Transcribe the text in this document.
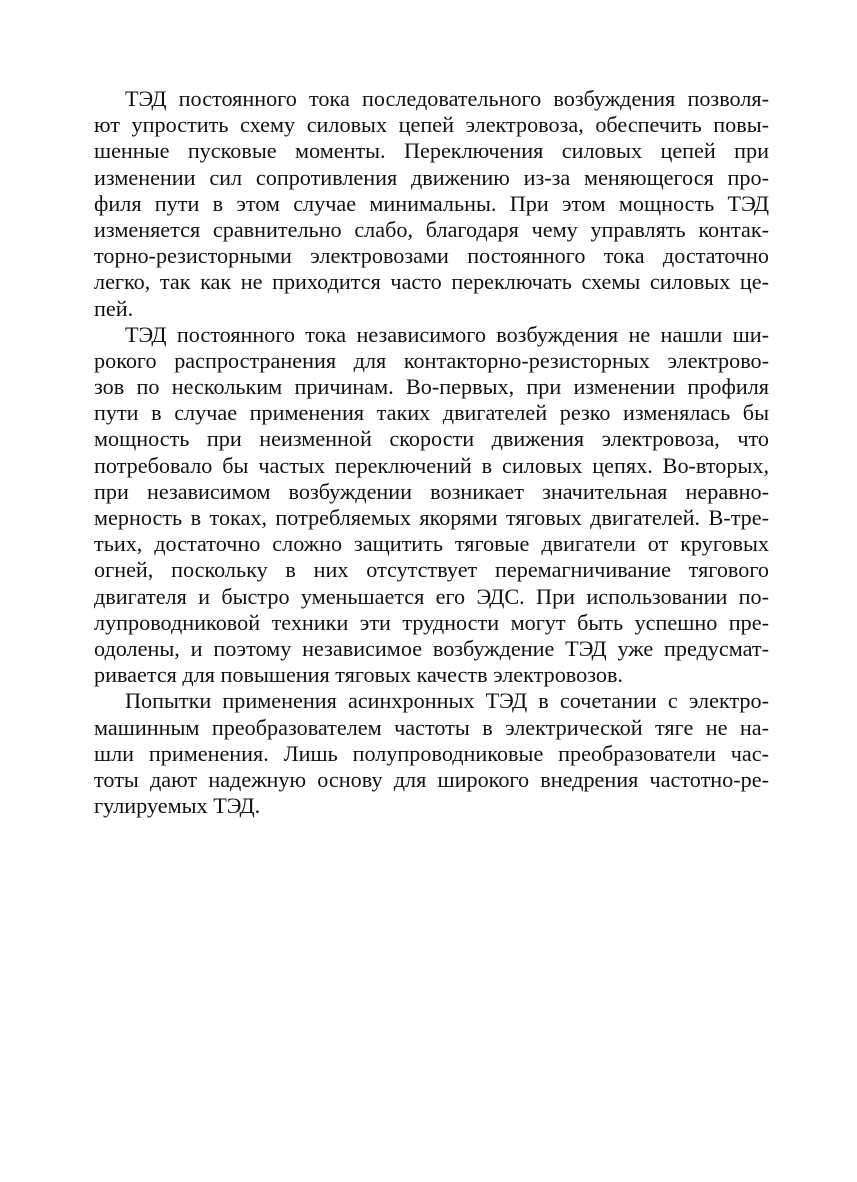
ТЭД постоянного тока последовательного возбуждения позволя-
ют упростить схему силовых цепей электровоза, обеспечить повы-
шенные пусковые моменты. Переключения силовых цепей при
изменении сил сопротивления движению из-за меняющегося про-
филя пути в этом случае минимальны. При этом мощность ТЭД
изменяется сравнительно слабо, благодаря чему управлять контак-
торно-резисторными электровозами постоянного тока достаточно
легко, так как не приходится часто переключать схемы силовых це-
пей.
ТЭД постоянного тока независимого возбуждения не нашли ши-
рокого распространения для контакторно-резисторных электрово-
зов по нескольким причинам. Во-первых, при изменении профиля
пути в случае применения таких двигателей резко изменялась бы
мощность при неизменной скорости движения электровоза, что
потребовало бы частых переключений в силовых цепях. Во-вторых,
при независимом возбуждении возникает значительная неравно-
мерность в токах, потребляемых якорями тяговых двигателей. В-тре-
тьих, достаточно сложно защитить тяговые двигатели от круговых
огней, поскольку в них отсутствует перемагничивание тягового
двигателя и быстро уменьшается его ЭДС. При использовании по-
лупроводниковой техники эти трудности могут быть успешно пре-
одолены, и поэтому независимое возбуждение ТЭД уже предусмат-
ривается для повышения тяговых качеств электровозов.
Попытки применения асинхронных ТЭД в сочетании с электро-
машинным преобразователем частоты в электрической тяге не на-
шли применения. Лишь полупроводниковые преобразователи час-
тоты дают надежную основу для широкого внедрения частотно-ре-
гулируемых ТЭД.
